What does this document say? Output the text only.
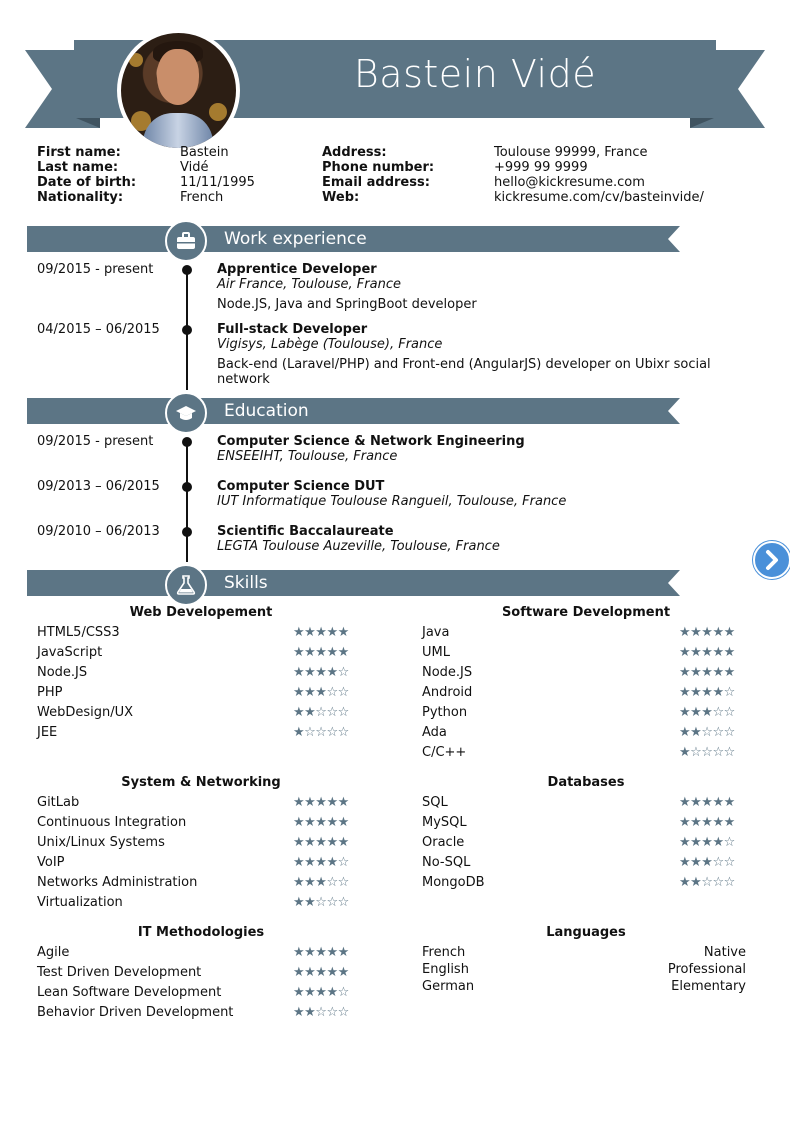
Bastein Vidé
First name:	Bastein
Last name:	Vidé
Date of birth:	11/11/1995
Nationality:	French
Address:	Toulouse 99999, France
Phone number:	+999 99 9999
Email address:	hello@kickresume.com
Web:	kickresume.com/cv/basteinvide/
Work experience
09/2015 - present	Apprentice Developer
Air France, Toulouse, France
Node.JS, Java and SpringBoot developer
04/2015 – 06/2015	Full-stack Developer
Vigisys, Labège (Toulouse), France
Back-end (Laravel/PHP) and Front-end (AngularJS) developer on Ubixr social network
Education
09/2015 - present	Computer Science & Network Engineering
ENSEEIHT, Toulouse, France
09/2013 – 06/2015	Computer Science DUT
IUT Informatique Toulouse Rangueil, Toulouse, France
09/2010 – 06/2013	Scientific Baccalaureate
LEGTA Toulouse Auzeville, Toulouse, France
Skills
Web Developement
HTML5/CSS3	★★★★★
JavaScript	★★★★★
Node.JS	★★★★☆
PHP	★★★☆☆
WebDesign/UX	★★☆☆☆
JEE	★☆☆☆☆
Software Development
Java	★★★★★
UML	★★★★★
Node.JS	★★★★★
Android	★★★★☆
Python	★★★☆☆
Ada	★★☆☆☆
C/C++	★☆☆☆☆
System & Networking
GitLab	★★★★★
Continuous Integration	★★★★★
Unix/Linux Systems	★★★★★
VoIP	★★★★☆
Networks Administration	★★★☆☆
Virtualization	★★☆☆☆
Databases
SQL	★★★★★
MySQL	★★★★★
Oracle	★★★★☆
No-SQL	★★★☆☆
MongoDB	★★☆☆☆
IT Methodologies
Agile	★★★★★
Test Driven Development	★★★★★
Lean Software Development	★★★★☆
Behavior Driven Development	★★☆☆☆
Languages
French	Native
English	Professional
German	Elementary
